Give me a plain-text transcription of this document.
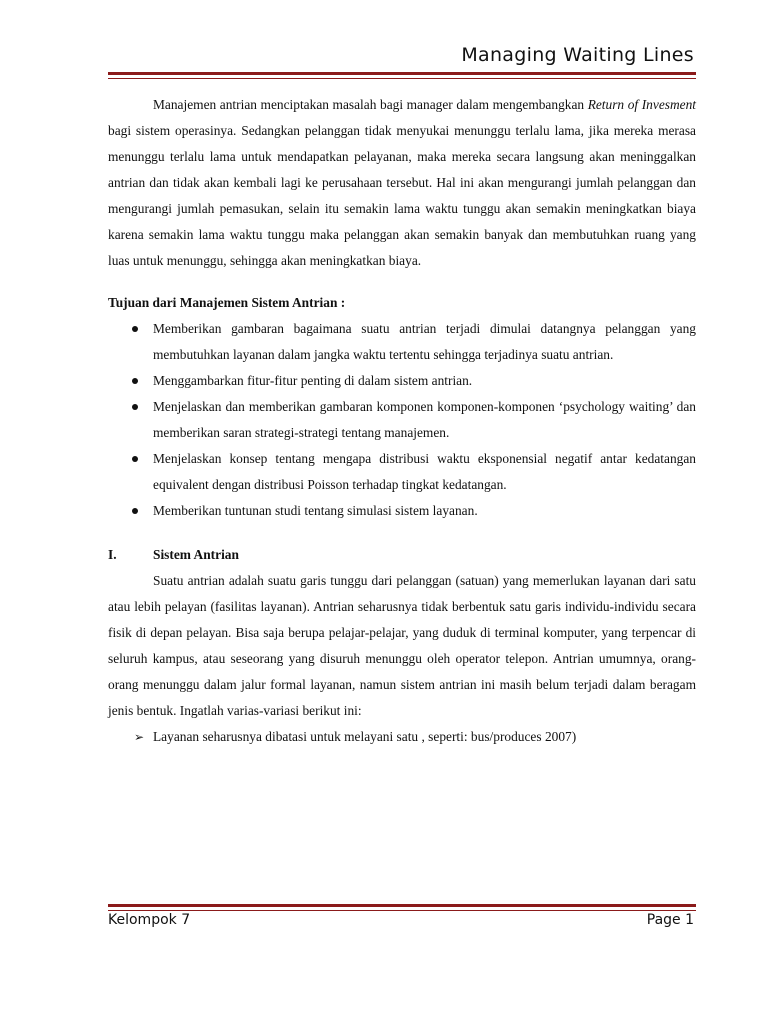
Managing Waiting Lines

Manajemen antrian menciptakan masalah bagi manager dalam mengembangkan Return of Invesment bagi sistem operasinya. Sedangkan pelanggan tidak menyukai menunggu terlalu lama, jika mereka merasa menunggu terlalu lama untuk mendapatkan pelayanan, maka mereka secara langsung akan meninggalkan antrian dan tidak akan kembali lagi ke perusahaan tersebut. Hal ini akan mengurangi jumlah pelanggan dan mengurangi jumlah pemasukan, selain itu semakin lama waktu tunggu akan semakin meningkatkan biaya karena semakin lama waktu tunggu maka pelanggan akan semakin banyak dan membutuhkan ruang yang luas untuk menunggu, sehingga akan meningkatkan biaya.

Tujuan dari Manajemen Sistem Antrian :

Memberikan gambaran bagaimana suatu antrian terjadi dimulai datangnya pelanggan yang membutuhkan layanan dalam jangka waktu tertentu sehingga terjadinya suatu antrian.
Menggambarkan fitur-fitur penting di dalam sistem antrian.
Menjelaskan dan memberikan gambaran komponen komponen-komponen ‘psychology waiting’ dan memberikan saran strategi-strategi tentang manajemen.
Menjelaskan konsep tentang mengapa distribusi waktu eksponensial negatif antar kedatangan equivalent dengan distribusi Poisson terhadap tingkat kedatangan.
Memberikan tuntunan studi tentang simulasi sistem layanan.
I.	Sistem Antrian

Suatu antrian adalah suatu garis tunggu dari pelanggan (satuan) yang memerlukan layanan dari satu atau lebih pelayan (fasilitas layanan). Antrian seharusnya tidak berbentuk satu garis individu-individu secara fisik di depan pelayan. Bisa saja berupa pelajar-pelajar, yang duduk di terminal komputer, yang terpencar di seluruh kampus, atau seseorang yang disuruh menunggu oleh operator telepon. Antrian umumnya, orang-orang menunggu dalam jalur formal layanan, namun sistem antrian ini masih belum terjadi dalam beragam jenis bentuk. Ingatlah varias-variasi berikut ini:

➢ Layanan seharusnya dibatasi untuk melayani satu , seperti: bus/produces 2007)
Kelompok 7	Page 1
